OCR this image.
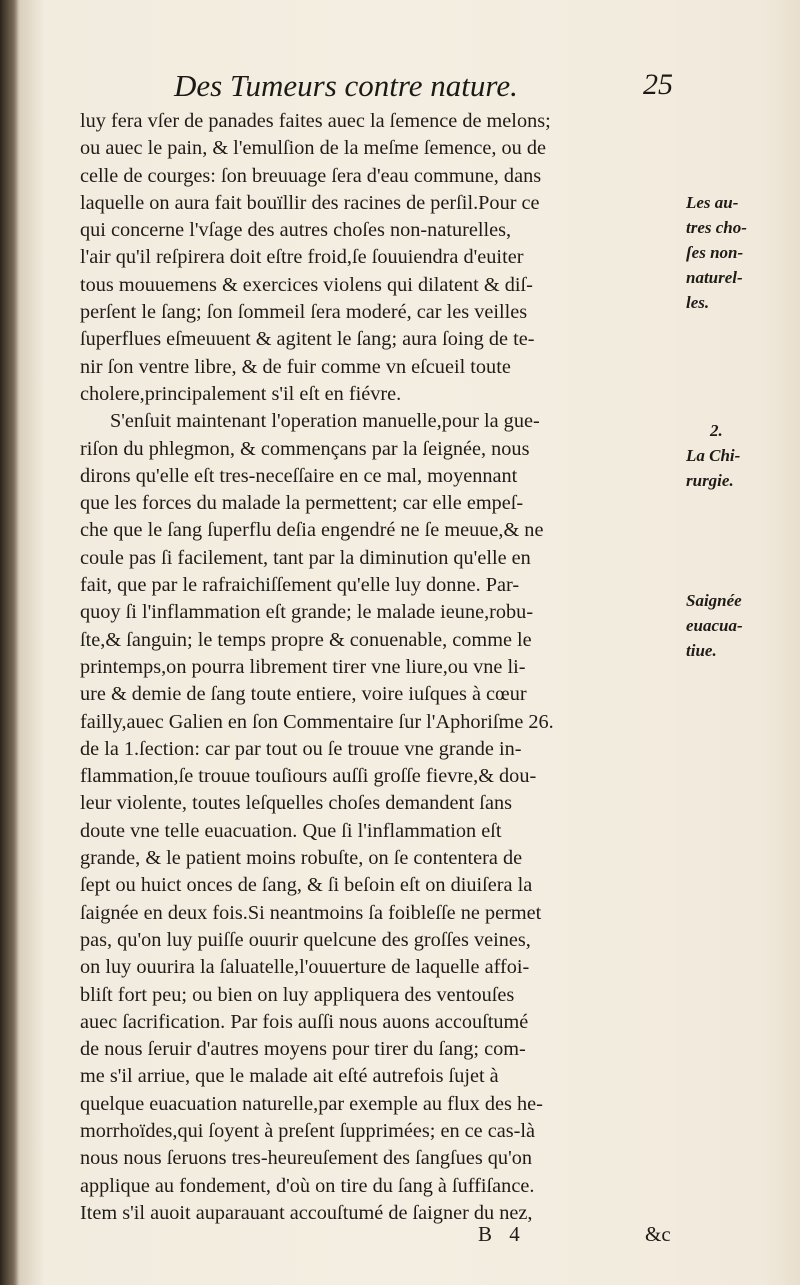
Des Tumeurs contre nature.	25
luy fera vſer de panades faites auec la ſemence de melons;
ou auec le pain, & l'emulſion de la meſme ſemence, ou de
celle de courges: ſon breuuage ſera d'eau commune, dans
laquelle on aura fait bouïllir des racines de perſil.Pour ce
qui concerne l'vſage des autres choſes non-naturelles,
l'air qu'il reſpirera doit eſtre froid,ſe ſouuiendra d'euiter
tous mouuemens & exercices violens qui dilatent & diſ-
perſent le ſang; ſon ſommeil ſera moderé, car les veilles
ſuperflues eſmeuuent & agitent le ſang; aura ſoing de te-
nir ſon ventre libre, & de fuir comme vn eſcueil toute
cholere,principalement s'il eſt en fiévre.
S'enſuit maintenant l'operation manuelle,pour la gue-
riſon du phlegmon, & commençans par la ſeignée, nous
dirons qu'elle eſt tres-neceſſaire en ce mal, moyennant
que les forces du malade la permettent; car elle empeſ-
che que le ſang ſuperflu deſia engendré ne ſe meuue,& ne
coule pas ſi facilement, tant par la diminution qu'elle en
fait, que par le rafraichiſſement qu'elle luy donne. Par-
quoy ſi l'inflammation eſt grande; le malade ieune,robu-
ſte,& ſanguin; le temps propre & conuenable, comme le
printemps,on pourra librement tirer vne liure,ou vne li-
ure & demie de ſang toute entiere, voire iuſques à cœur
failly,auec Galien en ſon Commentaire ſur l'Aphoriſme 26.
de la 1.ſection: car par tout ou ſe trouue vne grande in-
flammation,ſe trouue touſiours auſſi groſſe fievre,& dou-
leur violente, toutes leſquelles choſes demandent ſans
doute vne telle euacuation. Que ſi l'inflammation eſt
grande, & le patient moins robuſte, on ſe contentera de
ſept ou huict onces de ſang, & ſi beſoin eſt on diuiſera la
ſaignée en deux fois.Si neantmoins ſa foibleſſe ne permet
pas, qu'on luy puiſſe ouurir quelcune des groſſes veines,
on luy ouurira la ſaluatelle,l'ouuerture de laquelle affoi-
bliſt fort peu; ou bien on luy appliquera des ventouſes
auec ſacrification. Par fois auſſi nous auons accouſtumé
de nous ſeruir d'autres moyens pour tirer du ſang; com-
me s'il arriue, que le malade ait eſté autrefois ſujet à
quelque euacuation naturelle,par exemple au flux des he-
morrhoïdes,qui ſoyent à preſent ſupprimées; en ce cas-là
nous nous ſeruons tres-heureuſement des ſangſues qu'on
applique au fondement, d'où on tire du ſang à ſuffiſance.
Item s'il auoit auparauant accouſtumé de ſaigner du nez,
Les au-
tres cho-
ſes non-
naturel-
les.
2.
La Chi-
rurgie.
Saignée
euacua-
tiue.
B 4	&c
